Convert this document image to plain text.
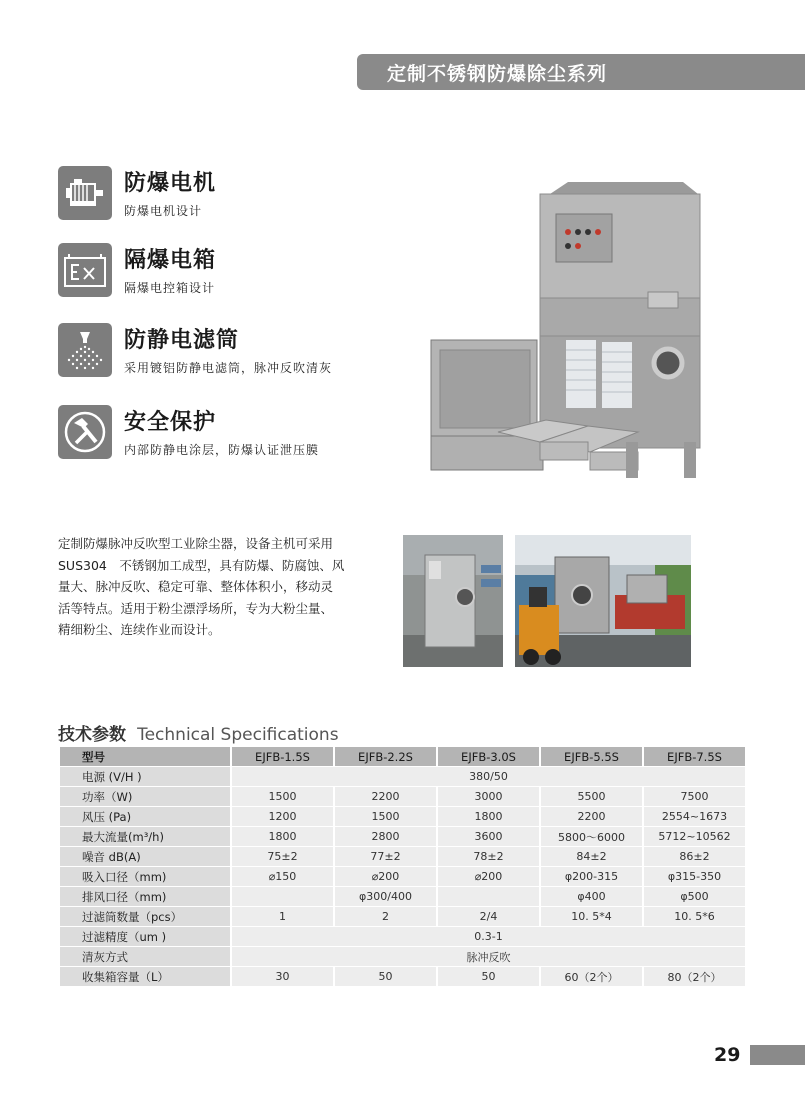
定制不锈钢防爆除尘系列
防爆电机
防爆电机设计
隔爆电箱
隔爆电控箱设计
防静电滤筒
采用镀铝防静电滤筒，脉冲反吹清灰
安全保护
内部防静电涂层，防爆认证泄压膜
定制防爆脉冲反吹型工业除尘器，设备主机可采用
SUS304　不锈钢加工成型，具有防爆、防腐蚀、风
量大、脉冲反吹、稳定可靠、整体体积小，移动灵
活等特点。适用于粉尘漂浮场所，专为大粉尘量、
精细粉尘、连续作业而设计。
技术参数 Technical Specifications
型号	EJFB-1.5S	EJFB-2.2S	EJFB-3.0S	EJFB-5.5S	EJFB-7.5S
电源 (V/H )	380/50				
功率（W)	1500	2200	3000	5500	7500
风压 (Pa)	1200	1500	1800	2200	2554~1673
最大流量(m³/h)	1800	2800	3600	5800～6000	5712~10562
噪音 dB(A)	75±2	77±2	78±2	84±2	86±2
吸入口径（mm)	⌀150	⌀200	⌀200	φ200-315	φ315-350
排风口径（mm)		φ300/400		φ400	φ500
过滤筒数量（pcs）	1	2	2/4	10. 5*4	10. 5*6
过滤精度（um )	0.3-1				
清灰方式	脉冲反吹				
收集箱容量（L）	30	50	50	60（2个）	80（2个）
29
